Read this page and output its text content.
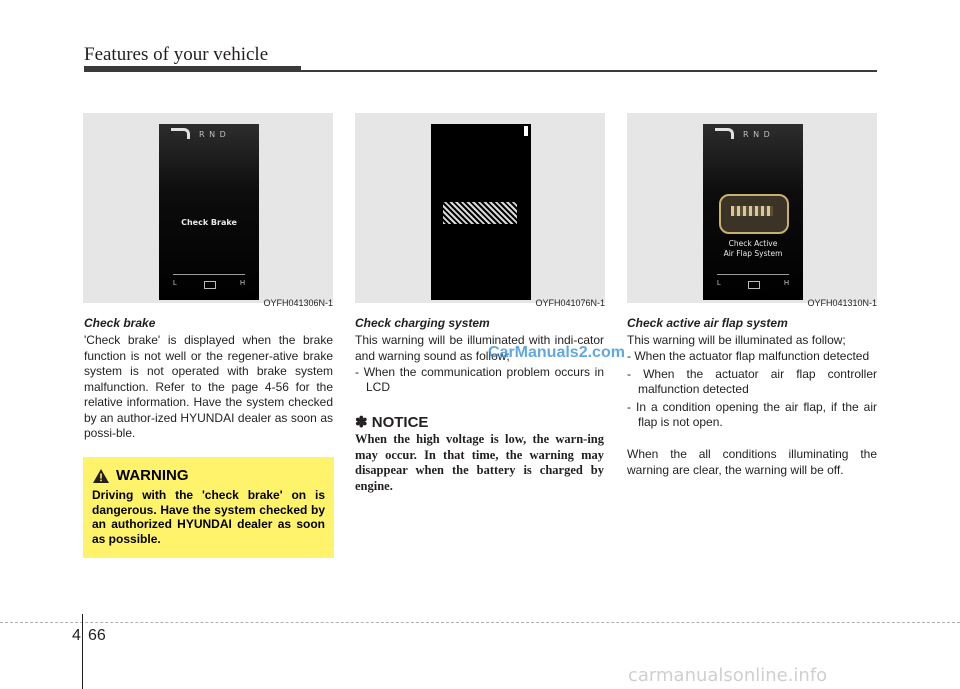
Features of your vehicle
R N D
Check Brake
L	H
OYFH041306N-1	OYFH041076N-1
R N D
Check Active
Air Flap System
L	H
OYFH041310N-1
Check brake
'Check brake' is displayed when the brake function is not well or the regener-ative brake system is not operated with brake system malfunction. Refer to the page 4-56 for the relative information. Have the system checked by an author-ized HYUNDAI dealer as soon as possi-ble.
WARNING
Driving with the 'check brake' on is dangerous. Have the system checked by an authorized HYUNDAI dealer as soon as possible.
Check charging system
This warning will be illuminated with indi-cator and warning sound as follow;
- When the communication problem occurs in LCD
✽ NOTICE
When the high voltage is low, the warn-ing may occur. In that time, the warning may disappear when the battery is charged by engine.
CarManuals2.com
Check active air flap system
This warning will be illuminated as follow;
- When the actuator flap malfunction detected
- When the actuator air flap controller malfunction detected
- In a condition opening the air flap, if the air flap is not open.
When the all conditions illuminating the warning are clear, the warning will be off.
4 66
carmanualsonline.info
